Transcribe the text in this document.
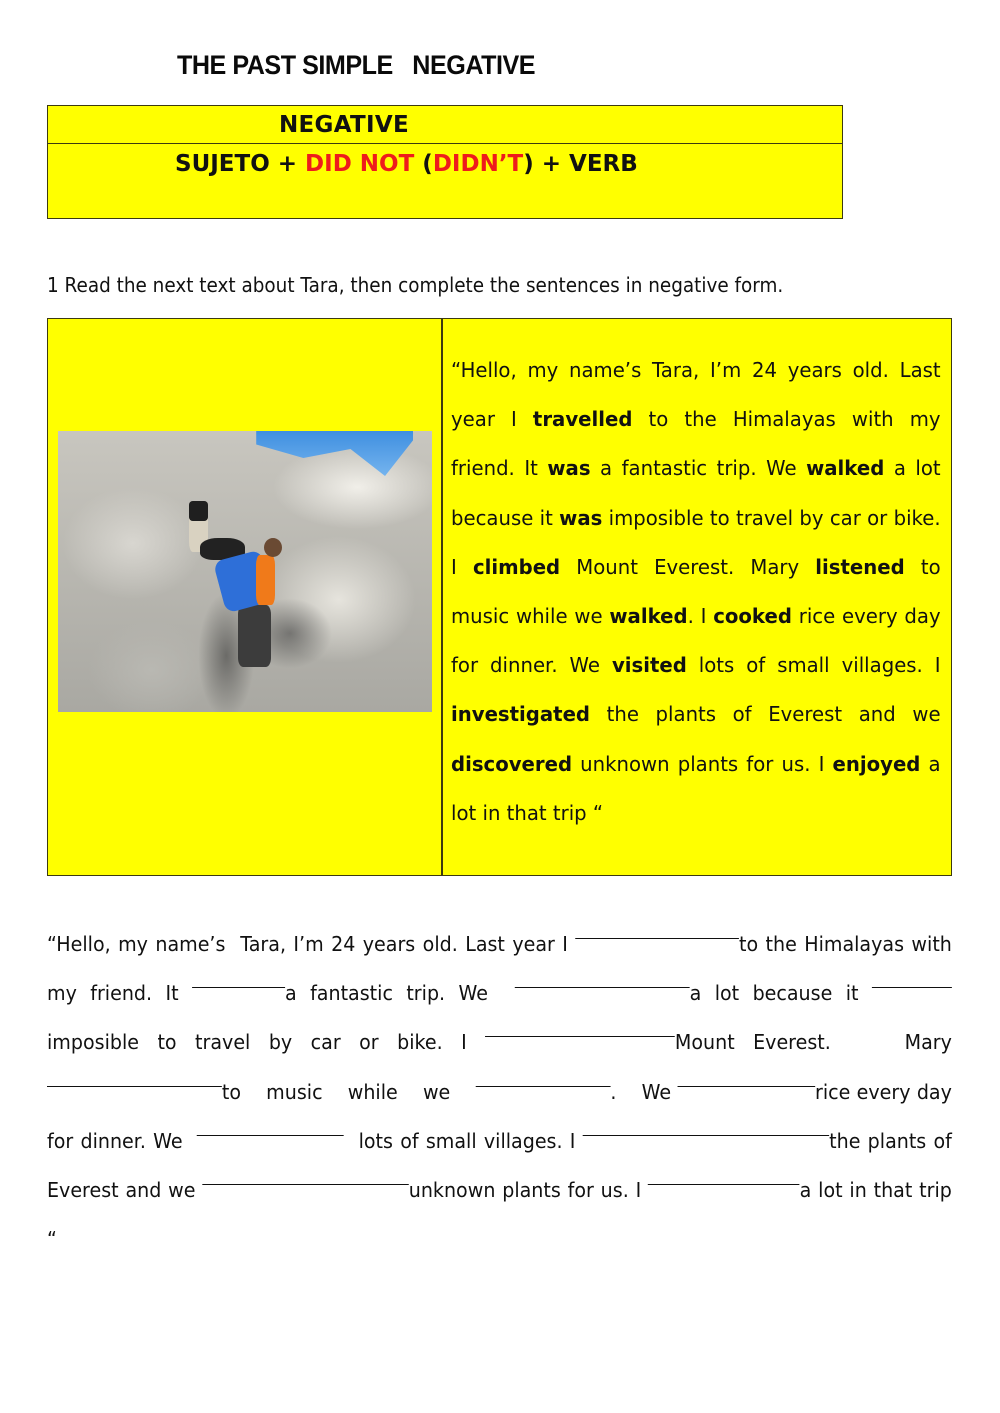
THE PAST SIMPLE   NEGATIVE
NEGATIVE
SUJETO + DID NOT (DIDN’T) + VERB
1 Read the next text about Tara, then complete the sentences in negative form.
“Hello, my name’s Tara, I’m 24 years old. Last year I travelled to the Himalayas with my friend. It was a fantastic trip. We walked a lot because it was imposible to travel by car or bike. I climbed Mount Everest. Mary listened to music while we walked. I cooked rice every day for dinner. We visited lots of small villages. I investigated the plants of Everest and we discovered unknown plants for us. I enjoyed a lot in that trip “
“Hello, my name’s  Tara, I’m 24 years old. Last year I	to the Himalayas with my friend. It	a fantastic trip. We	a lot because it imposible to travel by car or bike. I	Mount Everest.    Mary    to    music    while    we	.    We	rice every day for dinner. We	lots of small villages. I	the plants of Everest and we	unknown plants for us. I	a lot in that trip “
